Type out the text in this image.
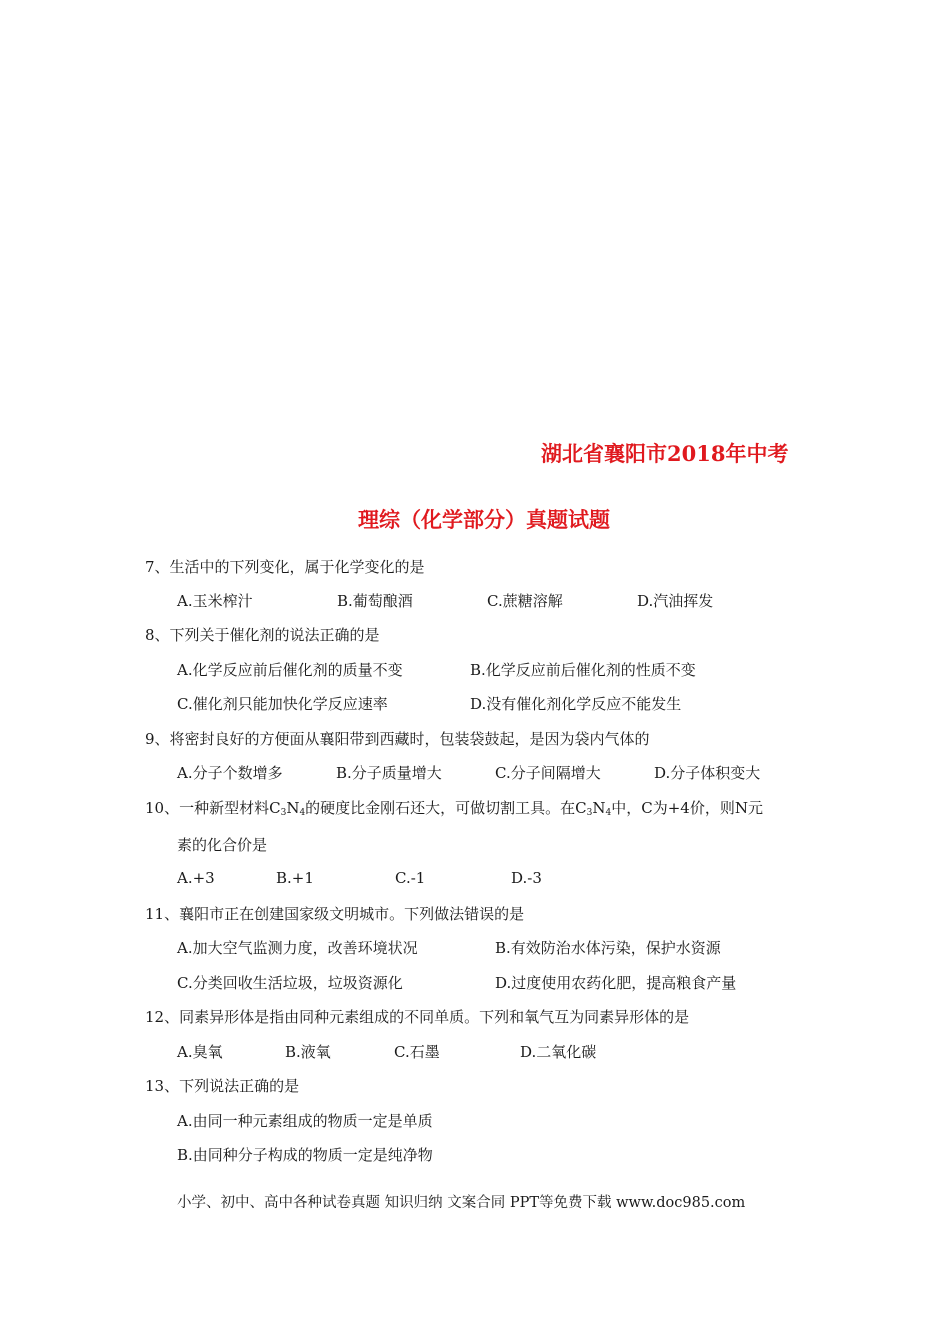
湖北省襄阳市2018年中考
理综（化学部分）真题试题
7、生活中的下列变化，属于化学变化的是
A.玉米榨汁	B.葡萄酿酒	C.蔗糖溶解	D.汽油挥发
8、下列关于催化剂的说法正确的是
A.化学反应前后催化剂的质量不变	B.化学反应前后催化剂的性质不变
C.催化剂只能加快化学反应速率	D.没有催化剂化学反应不能发生
9、将密封良好的方便面从襄阳带到西藏时，包装袋鼓起，是因为袋内气体的
A.分子个数增多	B.分子质量增大	C.分子间隔增大	D.分子体积变大
10、一种新型材料$C_3N_4$的硬度比金刚石还大，可做切割工具。在$C_3N_4$中，C为+4价，则N元
素的化合价是
A.+3	B.+1	C.-1	D.-3
11、襄阳市正在创建国家级文明城市。下列做法错误的是
A.加大空气监测力度，改善环境状况	B.有效防治水体污染，保护水资源
C.分类回收生活垃圾，垃圾资源化	D.过度使用农药化肥，提高粮食产量
12、同素异形体是指由同种元素组成的不同单质。下列和氧气互为同素异形体的是
A.臭氧	B.液氧	C.石墨	D.二氧化碳
13、下列说法正确的是
A.由同一种元素组成的物质一定是单质
B.由同种分子构成的物质一定是纯净物
小学、初中、高中各种试卷真题 知识归纳 文案合同 PPT等免费下载 www.doc985.com
